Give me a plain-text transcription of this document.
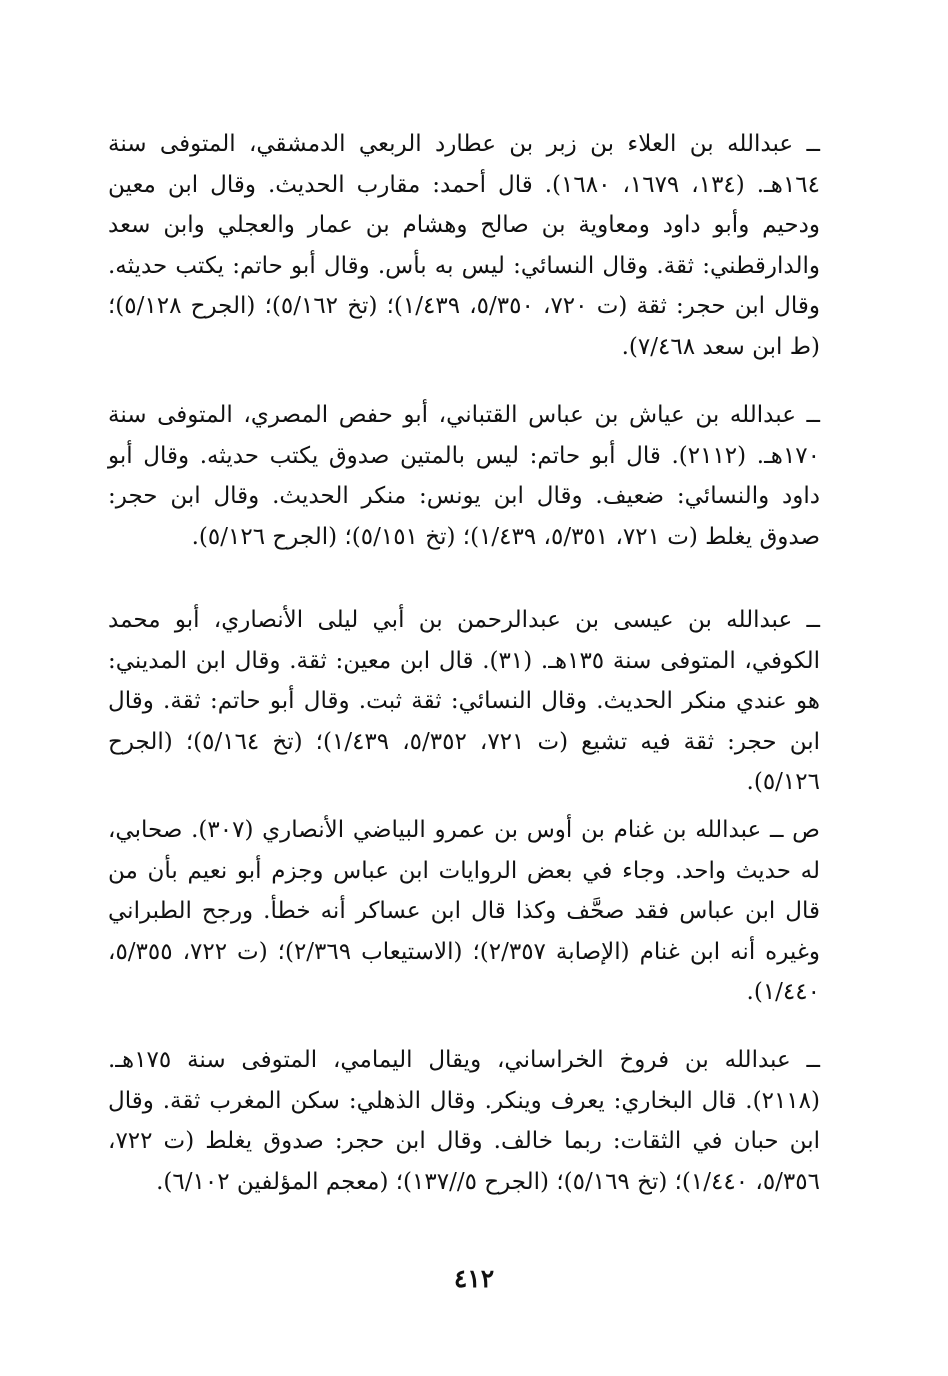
ــ عبدالله بن العلاء بن زبر بن عطارد الربعي الدمشقي، المتوفى سنة ١٦٤هـ. (١٣٤، ١٦٧٩، ١٦٨٠). قال أحمد: مقارب الحديث. وقال ابن معين ودحيم وأبو داود ومعاوية بن صالح وهشام بن عمار والعجلي وابن سعد والدارقطني: ثقة. وقال النسائي: ليس به بأس. وقال أبو حاتم: يكتب حديثه. وقال ابن حجر: ثقة (ت ٧٢٠، ٥/٣٥٠، ١/٤٣٩)؛ (تخ ٥/١٦٢)؛ (الجرح ٥/١٢٨)؛ (ط ابن سعد ٧/٤٦٨).

ــ عبدالله بن عياش بن عباس القتباني، أبو حفص المصري، المتوفى سنة ١٧٠هـ. (٢١١٢). قال أبو حاتم: ليس بالمتين صدوق يكتب حديثه. وقال أبو داود والنسائي: ضعيف. وقال ابن يونس: منكر الحديث. وقال ابن حجر: صدوق يغلط (ت ٧٢١، ٥/٣٥١، ١/٤٣٩)؛ (تخ ٥/١٥١)؛ (الجرح ٥/١٢٦).

ــ عبدالله بن عيسى بن عبدالرحمن بن أبي ليلى الأنصاري، أبو محمد الكوفي، المتوفى سنة ١٣٥هـ. (٣١). قال ابن معين: ثقة. وقال ابن المديني: هو عندي منكر الحديث. وقال النسائي: ثقة ثبت. وقال أبو حاتم: ثقة. وقال ابن حجر: ثقة فيه تشيع (ت ٧٢١، ٥/٣٥٢، ١/٤٣٩)؛ (تخ ٥/١٦٤)؛ (الجرح ٥/١٢٦).

ص ــ عبدالله بن غنام بن أوس بن عمرو البياضي الأنصاري (٣٠٧). صحابي، له حديث واحد. وجاء في بعض الروايات ابن عباس وجزم أبو نعيم بأن من قال ابن عباس فقد صحَّف وكذا قال ابن عساكر أنه خطأ. ورجح الطبراني وغيره أنه ابن غنام (الإصابة ٢/٣٥٧)؛ (الاستيعاب ٢/٣٦٩)؛ (ت ٧٢٢، ٥/٣٥٥، ١/٤٤٠).

ــ عبدالله بن فروخ الخراساني، ويقال اليمامي، المتوفى سنة ١٧٥هـ. (٢١١٨). قال البخاري: يعرف وينكر. وقال الذهلي: سكن المغرب ثقة. وقال ابن حبان في الثقات: ربما خالف. وقال ابن حجر: صدوق يغلط (ت ٧٢٢، ٥/٣٥٦، ١/٤٤٠)؛ (تخ ٥/١٦٩)؛ (الجرح ٥//١٣٧)؛ (معجم المؤلفين ٦/١٠٢).

٤١٢
